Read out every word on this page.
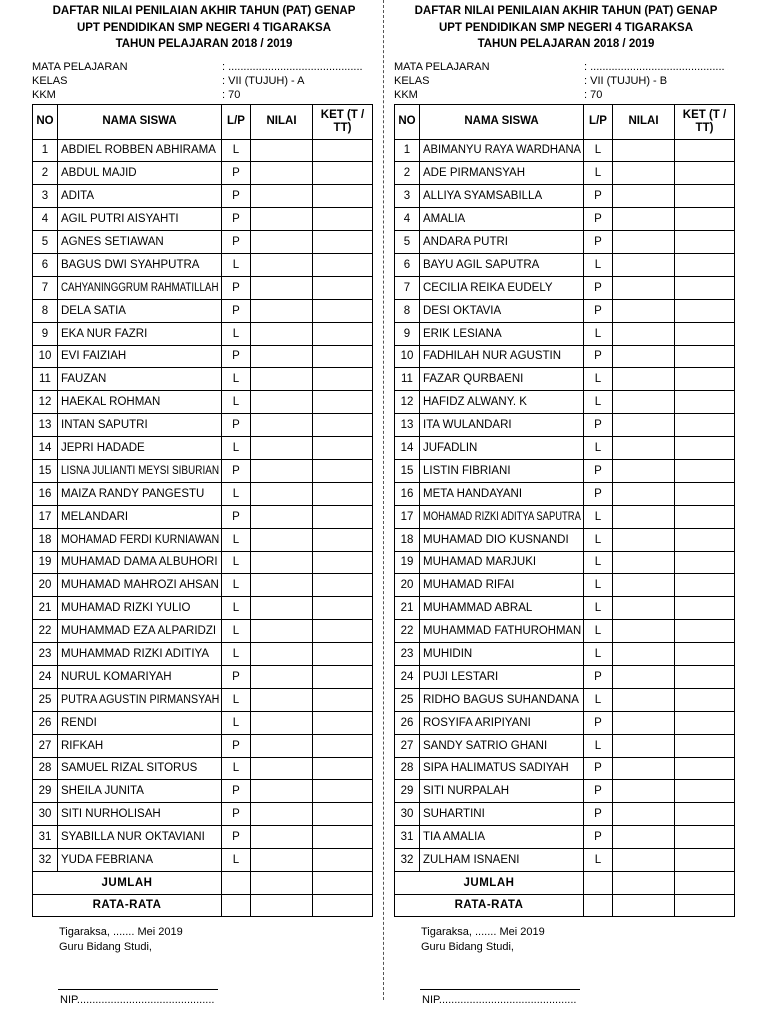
DAFTAR NILAI PENILAIAN AKHIR TAHUN (PAT) GENAP
UPT PENDIDIKAN SMP NEGERI 4 TIGARAKSA
TAHUN PELAJARAN 2018 / 2019
MATA PELAJARAN	: ............................................
KELAS	: VII (TUJUH) - A
KKM	: 70
NO	NAMA SISWA	L/P	NILAI	KET (T / TT)
1	ABDIEL ROBBEN ABHIRAMA	L		
2	ABDUL MAJID	P		
3	ADITA	P		
4	AGIL PUTRI AISYAHTI	P		
5	AGNES SETIAWAN	P		
6	BAGUS DWI SYAHPUTRA	L		
7	CAHYANINGGRUM RAHMATILLAH	P		
8	DELA SATIA	P		
9	EKA NUR FAZRI	L		
10	EVI FAIZIAH	P		
11	FAUZAN	L		
12	HAEKAL ROHMAN	L		
13	INTAN SAPUTRI	P		
14	JEPRI HADADE	L		
15	LISNA JULIANTI MEYSI SIBURIAN	P		
16	MAIZA RANDY PANGESTU	L		
17	MELANDARI	P		
18	MOHAMAD FERDI KURNIAWAN	L		
19	MUHAMAD DAMA ALBUHORI	L		
20	MUHAMAD MAHROZI AHSAN	L		
21	MUHAMAD RIZKI YULIO	L		
22	MUHAMMAD EZA ALPARIDZI	L		
23	MUHAMMAD RIZKI ADITIYA	L		
24	NURUL KOMARIYAH	P		
25	PUTRA AGUSTIN PIRMANSYAH	L		
26	RENDI	L		
27	RIFKAH	P		
28	SAMUEL RIZAL SITORUS	L		
29	SHEILA JUNITA	P		
30	SITI NURHOLISAH	P		
31	SYABILLA NUR OKTAVIANI	P		
32	YUDA FEBRIANA	L		
JUMLAH				
RATA-RATA				
Tigaraksa, ....... Mei 2019
Guru Bidang Studi,
NIP.............................................
DAFTAR NILAI PENILAIAN AKHIR TAHUN (PAT) GENAP
UPT PENDIDIKAN SMP NEGERI 4 TIGARAKSA
TAHUN PELAJARAN 2018 / 2019
MATA PELAJARAN	: ............................................
KELAS	: VII (TUJUH) - B
KKM	: 70
NO	NAMA SISWA	L/P	NILAI	KET (T / TT)
1	ABIMANYU RAYA WARDHANA	L		
2	ADE PIRMANSYAH	L		
3	ALLIYA SYAMSABILLA	P		
4	AMALIA	P		
5	ANDARA PUTRI	P		
6	BAYU AGIL SAPUTRA	L		
7	CECILIA REIKA EUDELY	P		
8	DESI OKTAVIA	P		
9	ERIK LESIANA	L		
10	FADHILAH NUR AGUSTIN	P		
11	FAZAR QURBAENI	L		
12	HAFIDZ ALWANY. K	L		
13	ITA WULANDARI	P		
14	JUFADLIN	L		
15	LISTIN FIBRIANI	P		
16	META HANDAYANI	P		
17	MOHAMAD RIZKI ADITYA SAPUTRA	L		
18	MUHAMAD DIO KUSNANDI	L		
19	MUHAMAD MARJUKI	L		
20	MUHAMAD RIFAI	L		
21	MUHAMMAD ABRAL	L		
22	MUHAMMAD FATHUROHMAN	L		
23	MUHIDIN	L		
24	PUJI LESTARI	P		
25	RIDHO BAGUS SUHANDANA	L		
26	ROSYIFA ARIPIYANI	P		
27	SANDY SATRIO GHANI	L		
28	SIPA HALIMATUS SADIYAH	P		
29	SITI NURPALAH	P		
30	SUHARTINI	P		
31	TIA AMALIA	P		
32	ZULHAM ISNAENI	L		
JUMLAH				
RATA-RATA				
Tigaraksa, ....... Mei 2019
Guru Bidang Studi,
NIP.............................................
